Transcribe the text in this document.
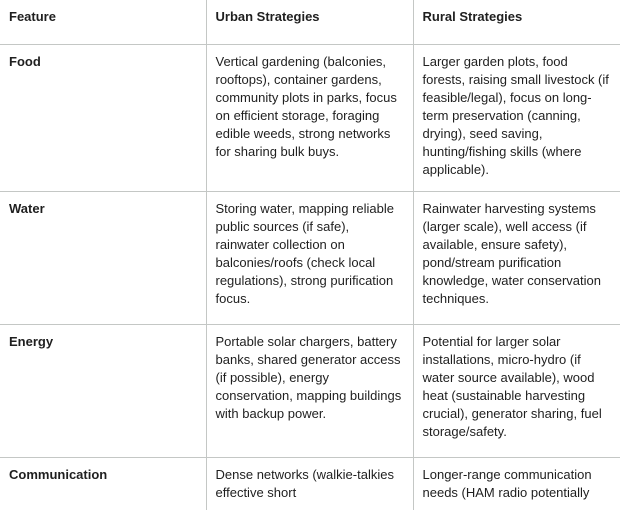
Feature	Urban Strategies	Rural Strategies
Food	Vertical gardening (balconies, rooftops), container gardens, community plots in parks, focus on efficient storage, foraging edible weeds, strong networks for sharing bulk buys.	Larger garden plots, food forests, raising small livestock (if feasible/legal), focus on long-term preservation (canning, drying), seed saving, hunting/fishing skills (where applicable).
Water	Storing water, mapping reliable public sources (if safe), rainwater collection on balconies/roofs (check local regulations), strong purification focus.	Rainwater harvesting systems (larger scale), well access (if available, ensure safety), pond/stream purification knowledge, water conservation techniques.
Energy	Portable solar chargers, battery banks, shared generator access (if possible), energy conservation, mapping buildings with backup power.	Potential for larger solar installations, micro-hydro (if water source available), wood heat (sustainable harvesting crucial), generator sharing, fuel storage/safety.
Communication	Dense networks (walkie-talkies effective short	Longer-range communication needs (HAM radio potentially
